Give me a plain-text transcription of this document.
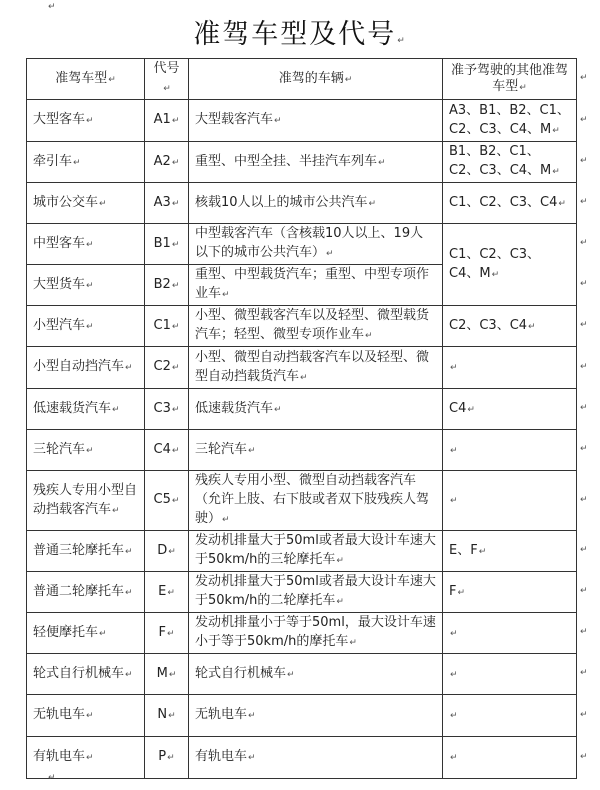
↵
准驾车型及代号↵
准驾车型↵	代号↵	准驾的车辆↵	准予驾驶的其他准驾车型↵
大型客车↵	A1↵	大型载客汽车↵	A3、B1、B2、C1、C2、C3、C4、M↵
牵引车↵	A2↵	重型、中型全挂、半挂汽车列车↵	B1、B2、C1、C2、C3、C4、M↵
城市公交车↵	A3↵	核载10人以上的城市公共汽车↵	C1、C2、C3、C4↵
中型客车↵	B1↵	中型载客汽车（含核载10人以上、19人以下的城市公共汽车）↵	C1、C2、C3、C4、M↵
大型货车↵	B2↵	重型、中型载货汽车；重型、中型专项作业车↵	
小型汽车↵	C1↵	小型、微型载客汽车以及轻型、微型载货汽车；轻型、微型专项作业车↵	C2、C3、C4↵
小型自动挡汽车↵	C2↵	小型、微型自动挡载客汽车以及轻型、微型自动挡载货汽车↵	↵
低速载货汽车↵	C3↵	低速载货汽车↵	C4↵
三轮汽车↵	C4↵	三轮汽车↵	↵
残疾人专用小型自动挡载客汽车↵	C5↵	残疾人专用小型、微型自动挡载客汽车（允许上肢、右下肢或者双下肢残疾人驾驶）↵	↵
普通三轮摩托车↵	D↵	发动机排量大于50ml或者最大设计车速大于50km/h的三轮摩托车↵	E、F↵
普通二轮摩托车↵	E↵	发动机排量大于50ml或者最大设计车速大于50km/h的二轮摩托车↵	F↵
轻便摩托车↵	F↵	发动机排量小于等于50ml，最大设计车速小于等于50km/h的摩托车↵	↵
轮式自行机械车↵	M↵	轮式自行机械车↵	↵
无轨电车↵	N↵	无轨电车↵	↵
有轨电车↵	P↵	有轨电车↵	↵
↵
↵
↵
↵
↵
↵
↵
↵
↵
↵
↵
↵
↵
↵
↵
↵
↵
↵
